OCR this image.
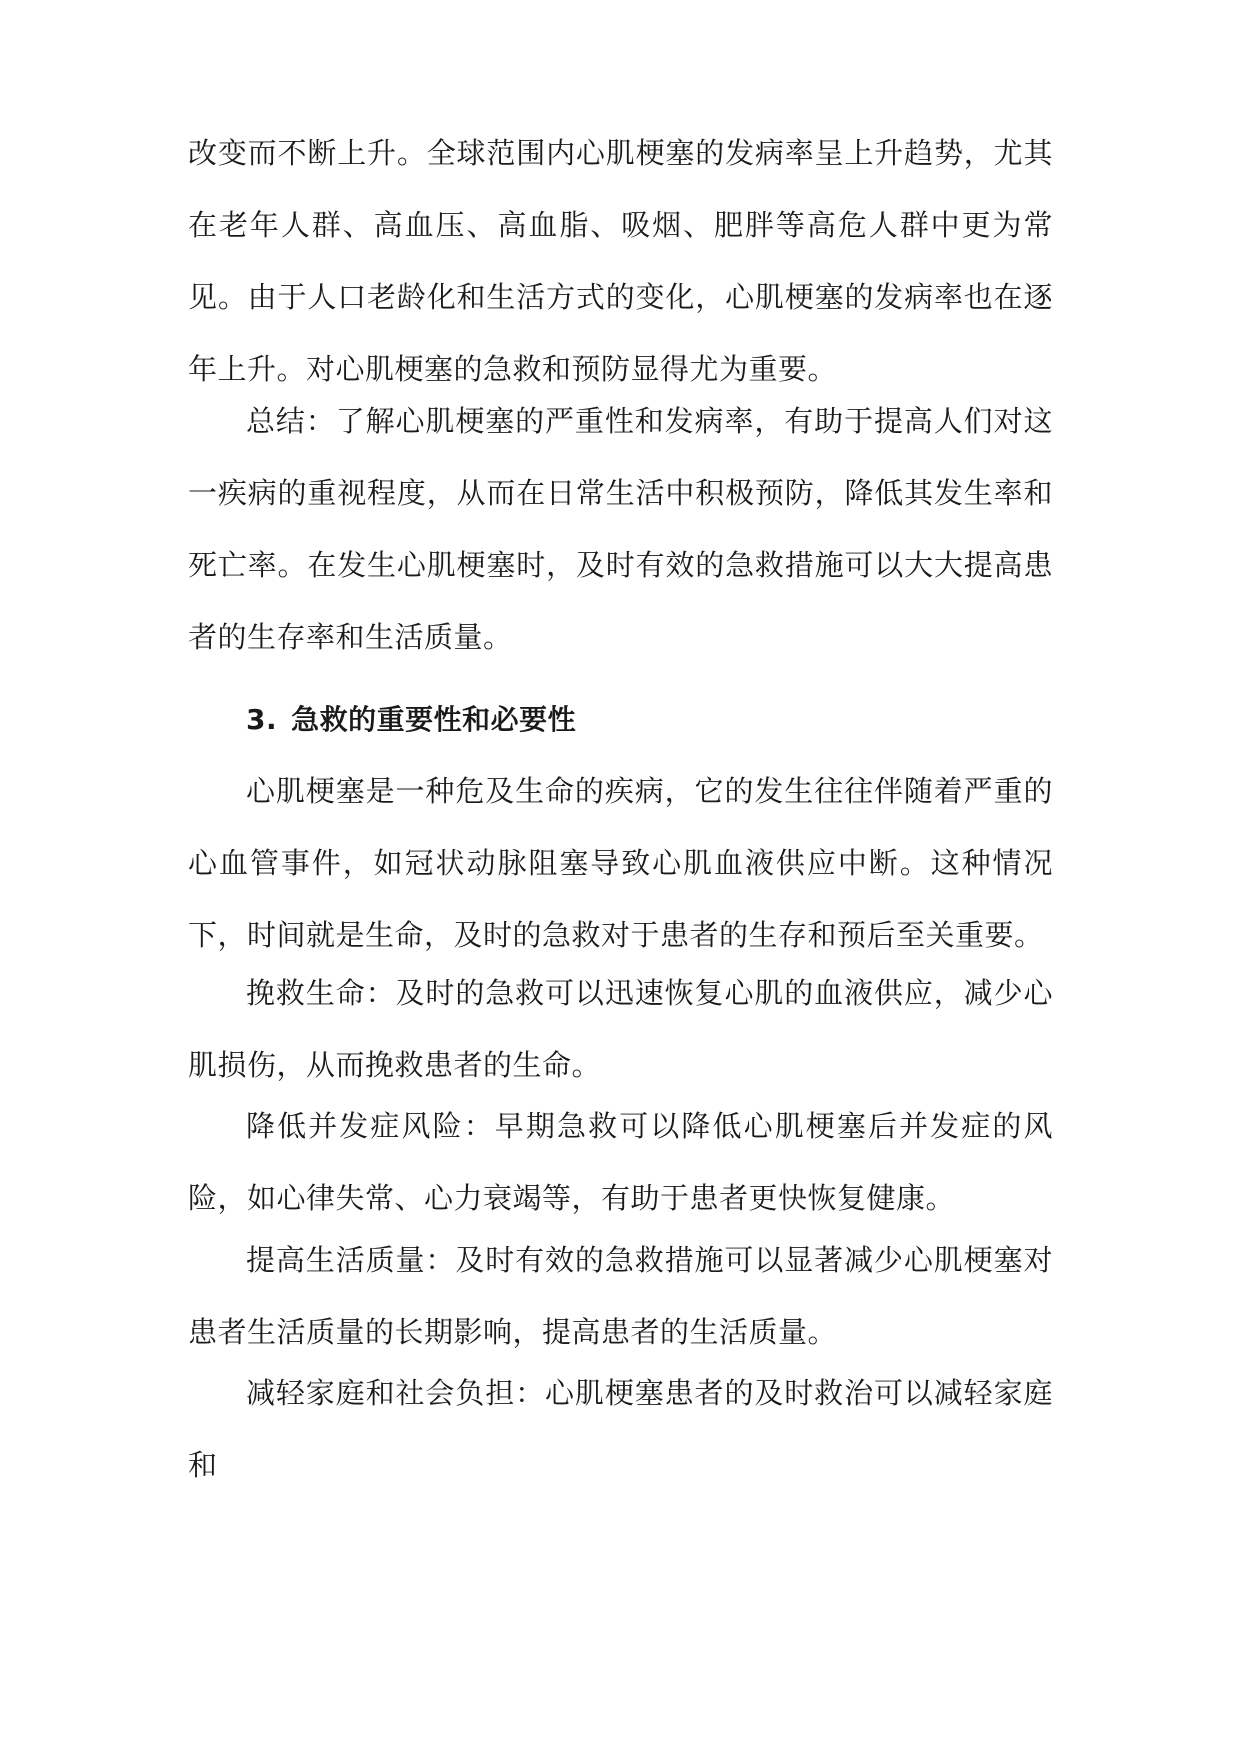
改变而不断上升。全球范围内心肌梗塞的发病率呈上升趋势，尤其在老年人群、高血压、高血脂、吸烟、肥胖等高危人群中更为常见。由于人口老龄化和生活方式的变化，心肌梗塞的发病率也在逐年上升。对心肌梗塞的急救和预防显得尤为重要。

总结：了解心肌梗塞的严重性和发病率，有助于提高人们对这一疾病的重视程度，从而在日常生活中积极预防，降低其发生率和死亡率。在发生心肌梗塞时，及时有效的急救措施可以大大提高患者的生存率和生活质量。

3. 急救的重要性和必要性

心肌梗塞是一种危及生命的疾病，它的发生往往伴随着严重的心血管事件，如冠状动脉阻塞导致心肌血液供应中断。这种情况下，时间就是生命，及时的急救对于患者的生存和预后至关重要。

挽救生命：及时的急救可以迅速恢复心肌的血液供应，减少心肌损伤，从而挽救患者的生命。

降低并发症风险：早期急救可以降低心肌梗塞后并发症的风险，如心律失常、心力衰竭等，有助于患者更快恢复健康。

提高生活质量：及时有效的急救措施可以显著减少心肌梗塞对患者生活质量的长期影响，提高患者的生活质量。

减轻家庭和社会负担：心肌梗塞患者的及时救治可以减轻家庭和
